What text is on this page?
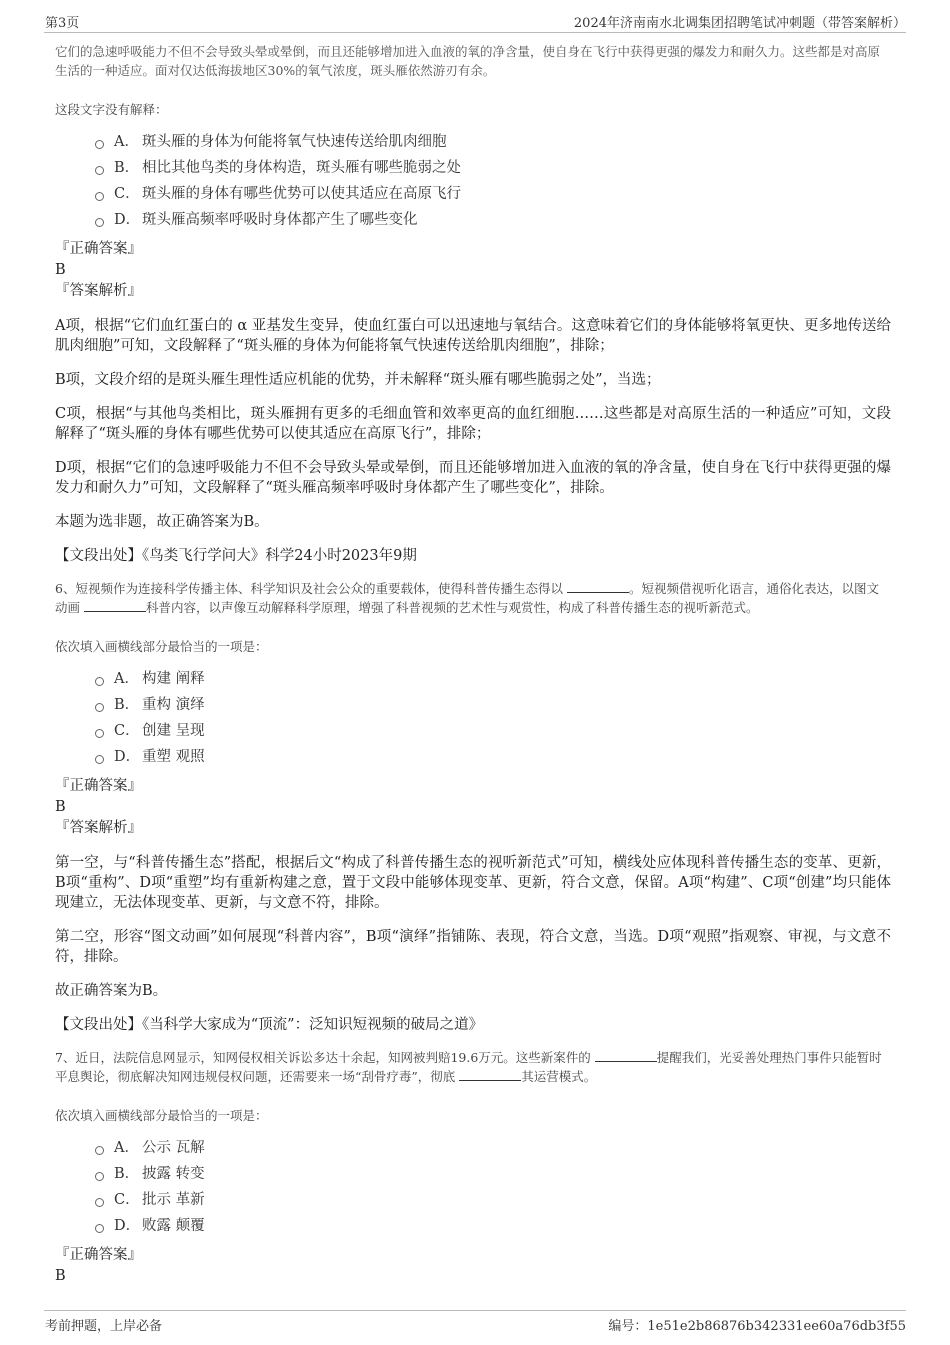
第3页	2024年济南南水北调集团招聘笔试冲刺题（带答案解析）

它们的急速呼吸能力不但不会导致头晕或晕倒，而且还能够增加进入血液的氧的净含量，使自身在飞行中获得更强的爆发力和耐久力。这些都是对高原生活的一种适应。面对仅达低海拔地区30%的氧气浓度，斑头雁依然游刃有余。

这段文字没有解释：

A． 斑头雁的身体为何能将氧气快速传送给肌肉细胞
B． 相比其他鸟类的身体构造，斑头雁有哪些脆弱之处
C． 斑头雁的身体有哪些优势可以使其适应在高原飞行
D． 斑头雁高频率呼吸时身体都产生了哪些变化

『正确答案』

B

『答案解析』

A项，根据“它们血红蛋白的 α 亚基发生变异，使血红蛋白可以迅速地与氧结合。这意味着它们的身体能够将氧更快、更多地传送给肌肉细胞”可知，文段解释了“斑头雁的身体为何能将氧气快速传送给肌肉细胞”，排除；

B项，文段介绍的是斑头雁生理性适应机能的优势，并未解释“斑头雁有哪些脆弱之处”，当选；

C项，根据“与其他鸟类相比，斑头雁拥有更多的毛细血管和效率更高的血红细胞……这些都是对高原生活的一种适应”可知，文段解释了“斑头雁的身体有哪些优势可以使其适应在高原飞行”，排除；

D项，根据“它们的急速呼吸能力不但不会导致头晕或晕倒，而且还能够增加进入血液的氧的净含量，使自身在飞行中获得更强的爆发力和耐久力”可知，文段解释了“斑头雁高频率呼吸时身体都产生了哪些变化”，排除。

本题为选非题，故正确答案为B。

【文段出处】《鸟类飞行学问大》科学24小时2023年9期

6、短视频作为连接科学传播主体、科学知识及社会公众的重要载体，使得科普传播生态得以	。短视频借视听化语言，通俗化表达，以图文动画	科普内容，以声像互动解释科学原理，增强了科普视频的艺术性与观赏性，构成了科普传播生态的视听新范式。

依次填入画横线部分最恰当的一项是：

A． 构建 阐释
B． 重构 演绎
C． 创建 呈现
D． 重塑 观照

『正确答案』

B

『答案解析』

第一空，与“科普传播生态”搭配，根据后文“构成了科普传播生态的视听新范式”可知，横线处应体现科普传播生态的变革、更新，B项“重构”、D项“重塑”均有重新构建之意，置于文段中能够体现变革、更新，符合文意，保留。A项“构建”、C项“创建”均只能体现建立，无法体现变革、更新，与文意不符，排除。

第二空，形容“图文动画”如何展现“科普内容”，B项“演绎”指铺陈、表现，符合文意，当选。D项“观照”指观察、审视，与文意不符，排除。

故正确答案为B。

【文段出处】《当科学大家成为“顶流”：泛知识短视频的破局之道》

7、近日，法院信息网显示，知网侵权相关诉讼多达十余起，知网被判赔19.6万元。这些新案件的	提醒我们，光妥善处理热门事件只能暂时平息舆论，彻底解决知网违规侵权问题，还需要来一场“刮骨疗毒”，彻底	其运营模式。

依次填入画横线部分最恰当的一项是：

A． 公示 瓦解
B． 披露 转变
C． 批示 革新
D． 败露 颠覆

『正确答案』

B

考前押题，上岸必备	编号：1e51e2b86876b342331ee60a76db3f55
